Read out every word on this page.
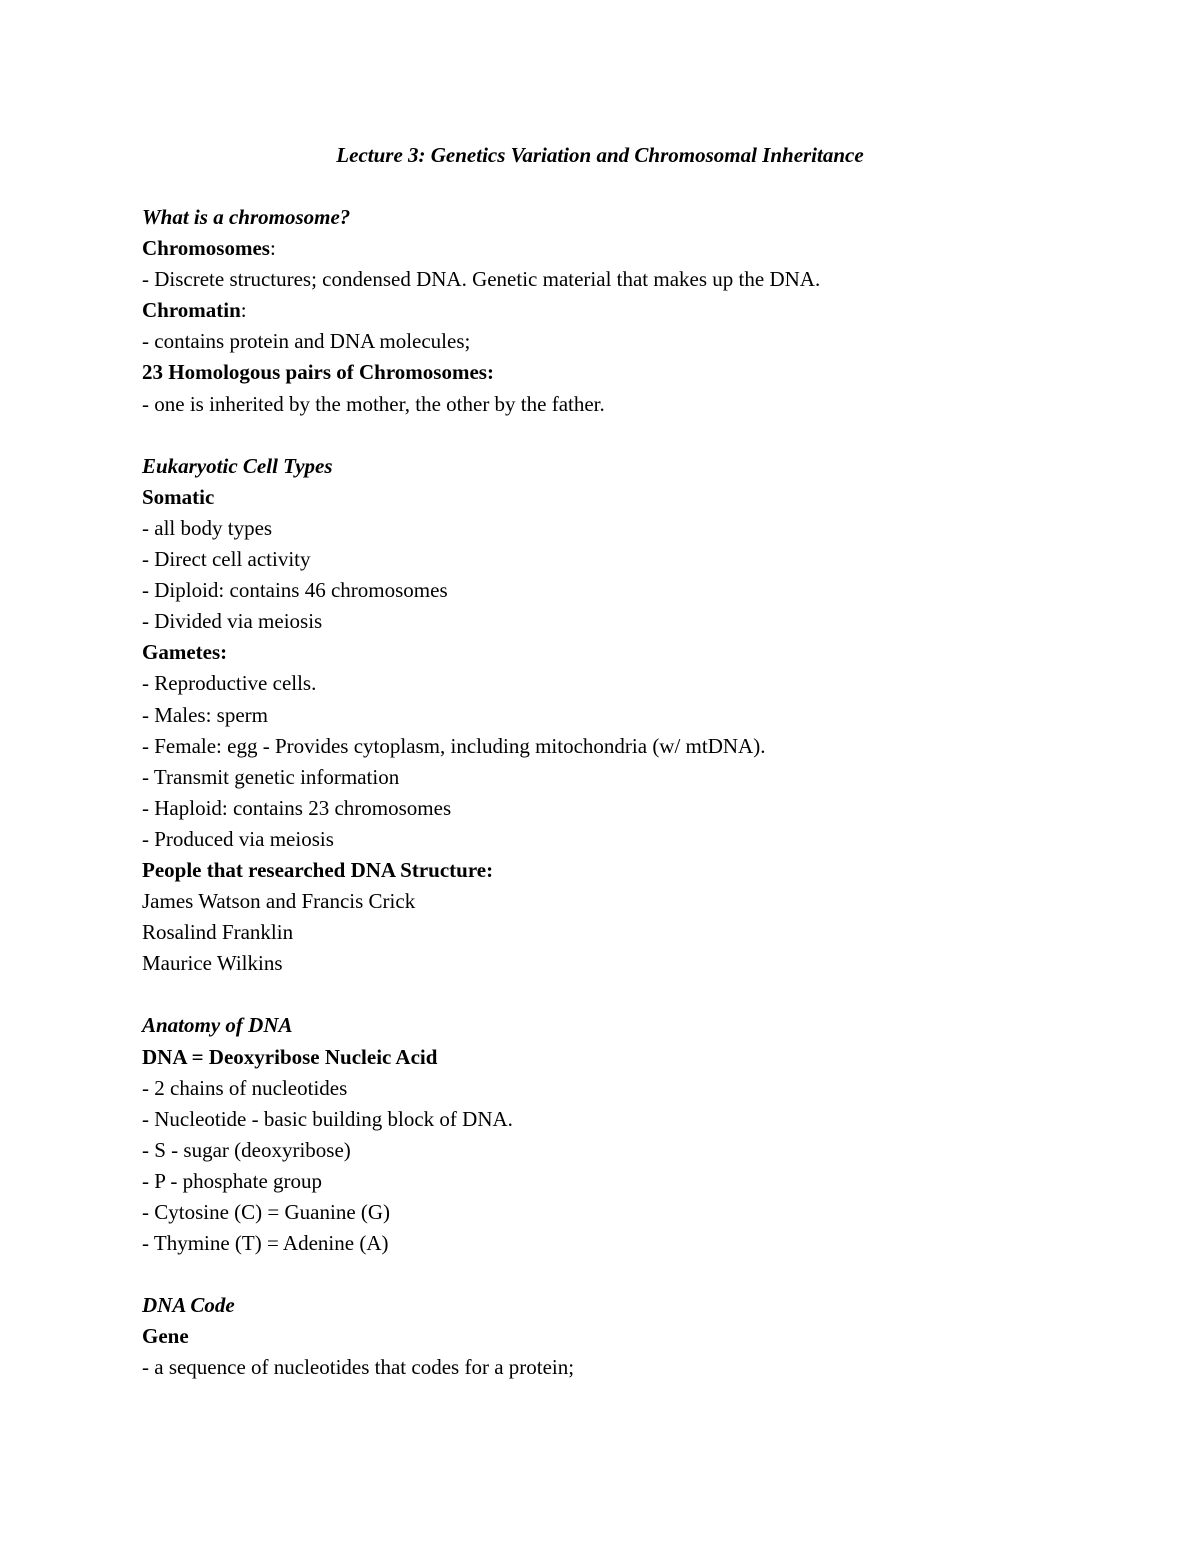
Lecture 3: Genetics Variation and Chromosomal Inheritance
What is a chromosome?
Chromosomes:
- Discrete structures; condensed DNA. Genetic material that makes up the DNA.
Chromatin:
- contains protein and DNA molecules;
23 Homologous pairs of Chromosomes:
- one is inherited by the mother, the other by the father.
Eukaryotic Cell Types
Somatic
- all body types
- Direct cell activity
- Diploid: contains 46 chromosomes
- Divided via meiosis
Gametes:
- Reproductive cells.
- Males: sperm
- Female: egg - Provides cytoplasm, including mitochondria (w/ mtDNA).
- Transmit genetic information
- Haploid: contains 23 chromosomes
- Produced via meiosis
People that researched DNA Structure:
James Watson and Francis Crick
Rosalind Franklin
Maurice Wilkins
Anatomy of DNA
DNA = Deoxyribose Nucleic Acid
- 2 chains of nucleotides
- Nucleotide - basic building block of DNA.
- S - sugar (deoxyribose)
- P - phosphate group
- Cytosine (C) = Guanine (G)
- Thymine (T) = Adenine (A)
DNA Code
Gene
- a sequence of nucleotides that codes for a protein;
